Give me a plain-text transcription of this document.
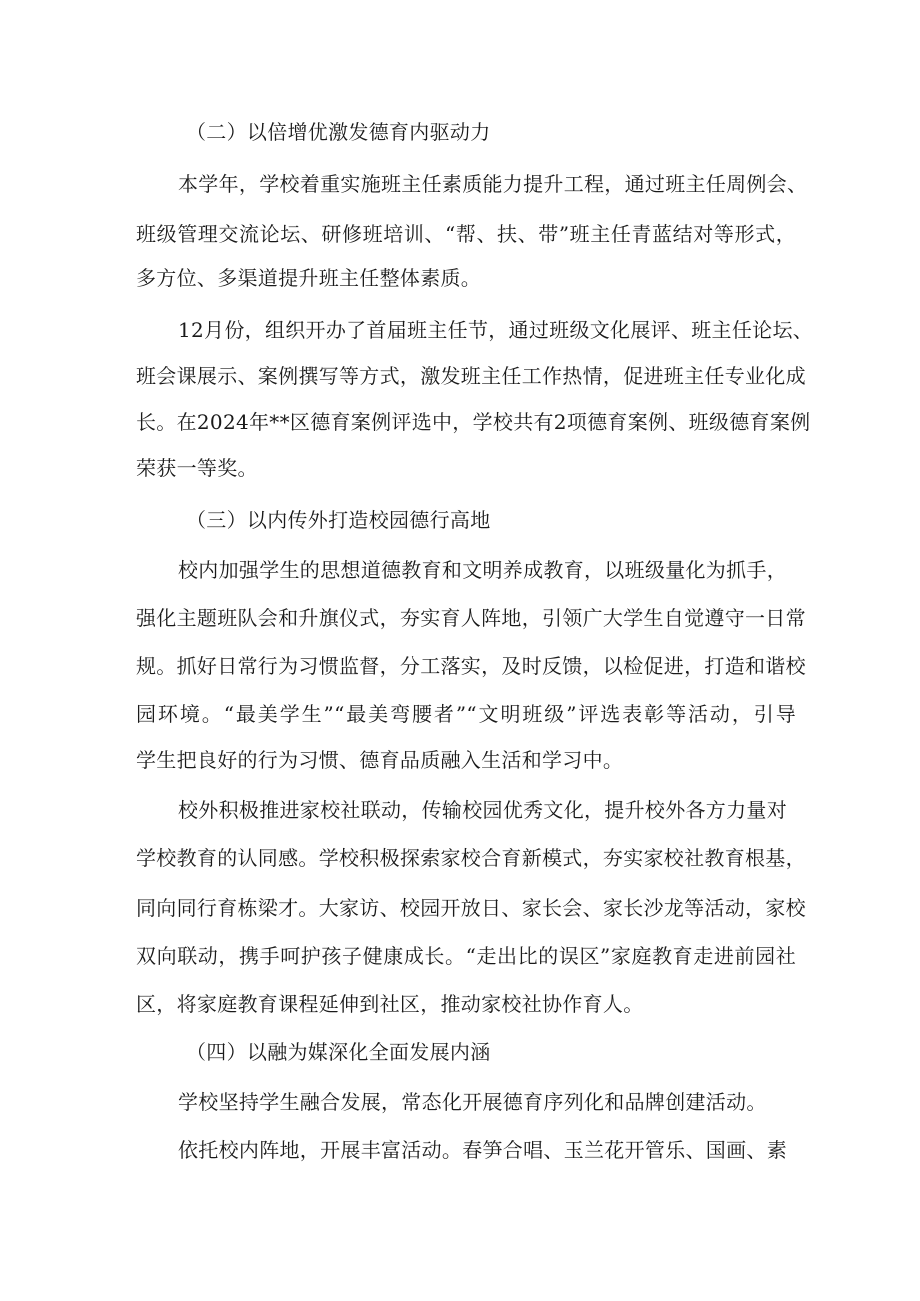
（二）以倍增优激发德育内驱动力
本学年，学校着重实施班主任素质能力提升工程，通过班主任周例会、
班级管理交流论坛、研修班培训、“帮、扶、带”班主任青蓝结对等形式，
多方位、多渠道提升班主任整体素质。
12月份，组织开办了首届班主任节，通过班级文化展评、班主任论坛、
班会课展示、案例撰写等方式，激发班主任工作热情，促进班主任专业化成
长。在2024年**区德育案例评选中，学校共有2项德育案例、班级德育案例
荣获一等奖。
（三）以内传外打造校园德行高地
校内加强学生的思想道德教育和文明养成教育，以班级量化为抓手，
强化主题班队会和升旗仪式，夯实育人阵地，引领广大学生自觉遵守一日常
规。抓好日常行为习惯监督，分工落实，及时反馈，以检促进，打造和谐校
园环境。“最美学生”“最美弯腰者”“文明班级”评选表彰等活动，引导
学生把良好的行为习惯、德育品质融入生活和学习中。
校外积极推进家校社联动，传输校园优秀文化，提升校外各方力量对
学校教育的认同感。学校积极探索家校合育新模式，夯实家校社教育根基，
同向同行育栋梁才。大家访、校园开放日、家长会、家长沙龙等活动，家校
双向联动，携手呵护孩子健康成长。“走出比的误区”家庭教育走进前园社
区，将家庭教育课程延伸到社区，推动家校社协作育人。
（四）以融为媒深化全面发展内涵
学校坚持学生融合发展，常态化开展德育序列化和品牌创建活动。
依托校内阵地，开展丰富活动。春笋合唱、玉兰花开管乐、国画、素
